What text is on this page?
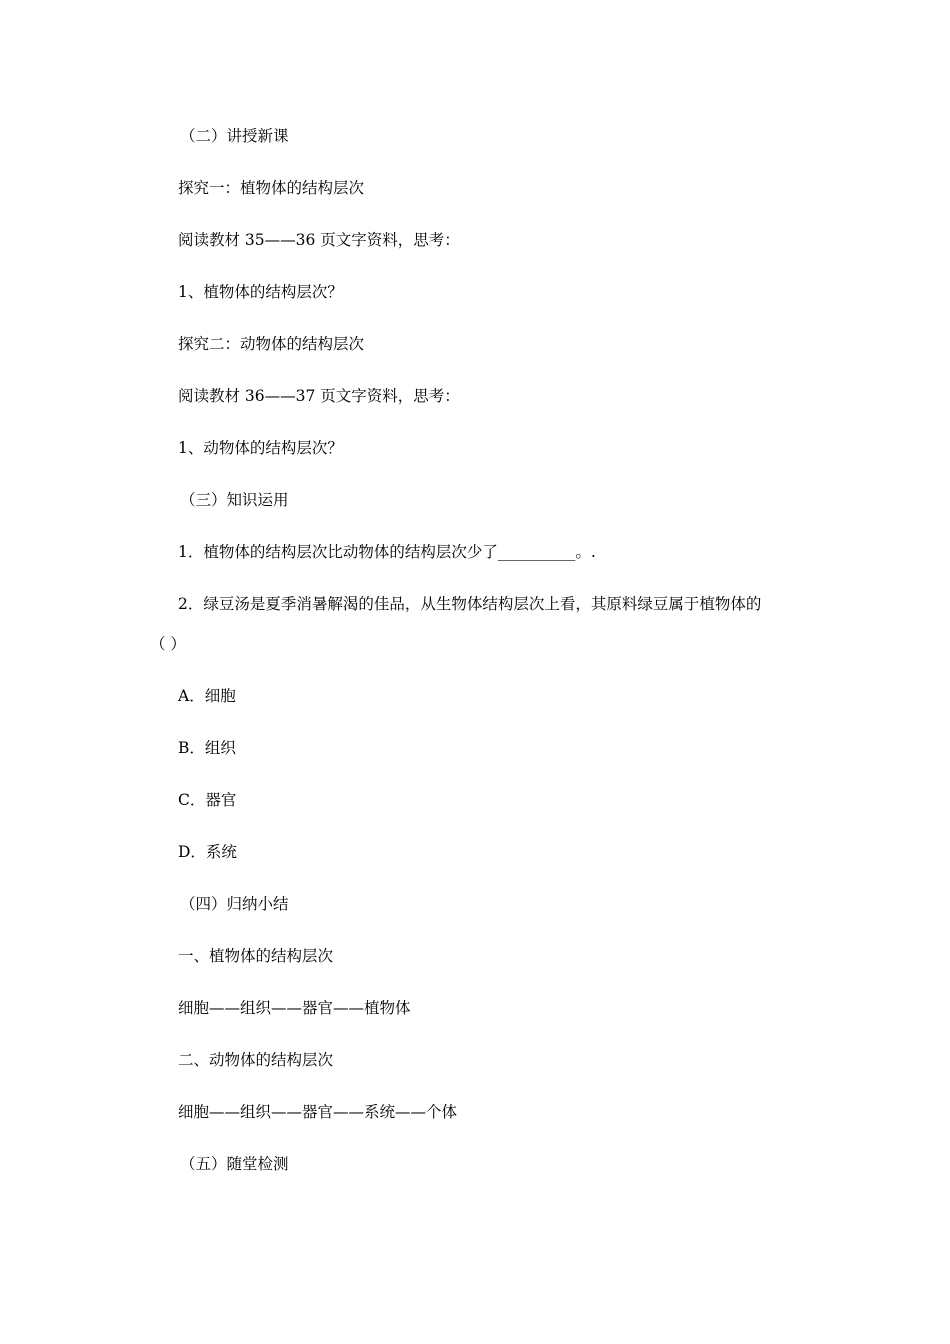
（二）讲授新课

探究一：植物体的结构层次

阅读教材 35——36 页文字资料，思考：

1、植物体的结构层次？

探究二：动物体的结构层次

阅读教材 36——37 页文字资料，思考：

1、动物体的结构层次？

（三）知识运用

1．植物体的结构层次比动物体的结构层次少了__________。.

2．绿豆汤是夏季消暑解渴的佳品，从生物体结构层次上看，其原料绿豆属于植物体的

（ ）

A．细胞

B．组织

C．器官

D．系统

（四）归纳小结

一、植物体的结构层次

细胞——组织——器官——植物体

二、动物体的结构层次

细胞——组织——器官——系统——个体

（五）随堂检测
